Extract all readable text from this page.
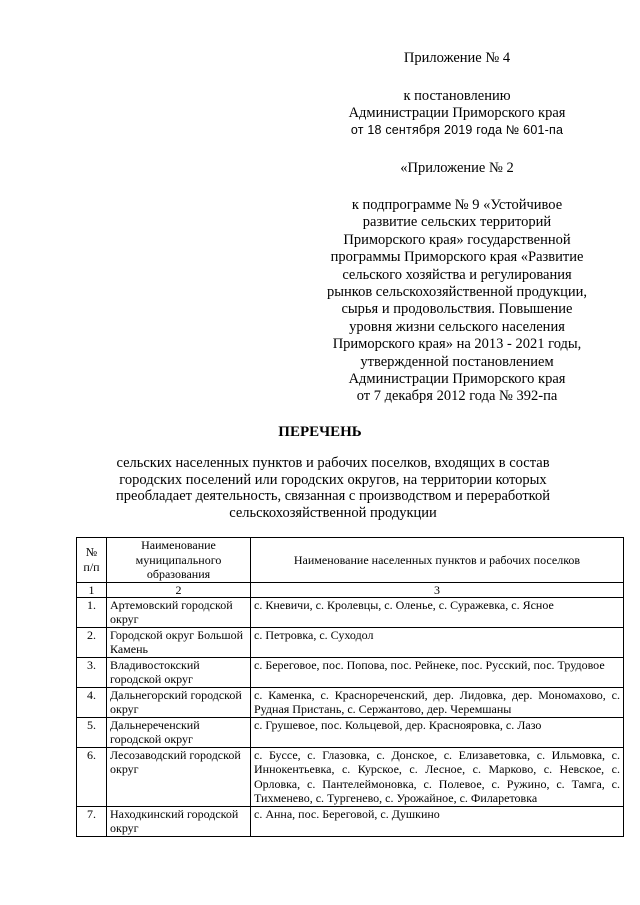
Приложение № 4
к постановлению
Администрации Приморского края
от 18 сентября 2019 года № 601-па
«Приложение № 2
к подпрограмме № 9 «Устойчивое
развитие сельских территорий
Приморского края» государственной
программы Приморского края «Развитие
сельского хозяйства и регулирования
рынков сельскохозяйственной продукции,
сырья и продовольствия. Повышение
уровня жизни сельского населения
Приморского края» на 2013 - 2021 годы,
утвержденной постановлением
Администрации Приморского края
от 7 декабря 2012 года № 392-па
ПЕРЕЧЕНЬ
сельских населенных пунктов и рабочих поселков, входящих в состав
городских поселений или городских округов, на территории которых
преобладает деятельность, связанная с производством и переработкой
сельскохозяйственной продукции
№ п/п	Наименование муниципального образования	Наименование населенных пунктов и рабочих поселков
1	2	3
1.	Артемовский городской округ	с. Кневичи, с. Кролевцы, с. Оленье, с. Суражевка, с. Ясное
2.	Городской округ Большой Камень	с. Петровка, с. Суходол
3.	Владивостокский городской округ	с. Береговое, пос. Попова, пос. Рейнеке, пос. Русский, пос. Трудовое
4.	Дальнегорский городской округ	с. Каменка, с. Краснореченский, дер. Лидовка, дер. Мономахово, с. Рудная Пристань, с. Сержантово, дер. Черемшаны
5.	Дальнереченский городской округ	с. Грушевое, пос. Кольцевой, дер. Краснояровка, с. Лазо
6.	Лесозаводский городской округ	с. Буссе, с. Глазовка, с. Донское, с. Елизаветовка, с. Ильмовка, с. Иннокентьевка, с. Курское, с. Лесное, с. Марково, с. Невское, с. Орловка, с. Пантелеймоновка, с. Полевое, с. Ружино, с. Тамга, с. Тихменево, с. Тургенево, с. Урожайное, с. Филаретовка
7.	Находкинский городской округ	с. Анна, пос. Береговой, с. Душкино
